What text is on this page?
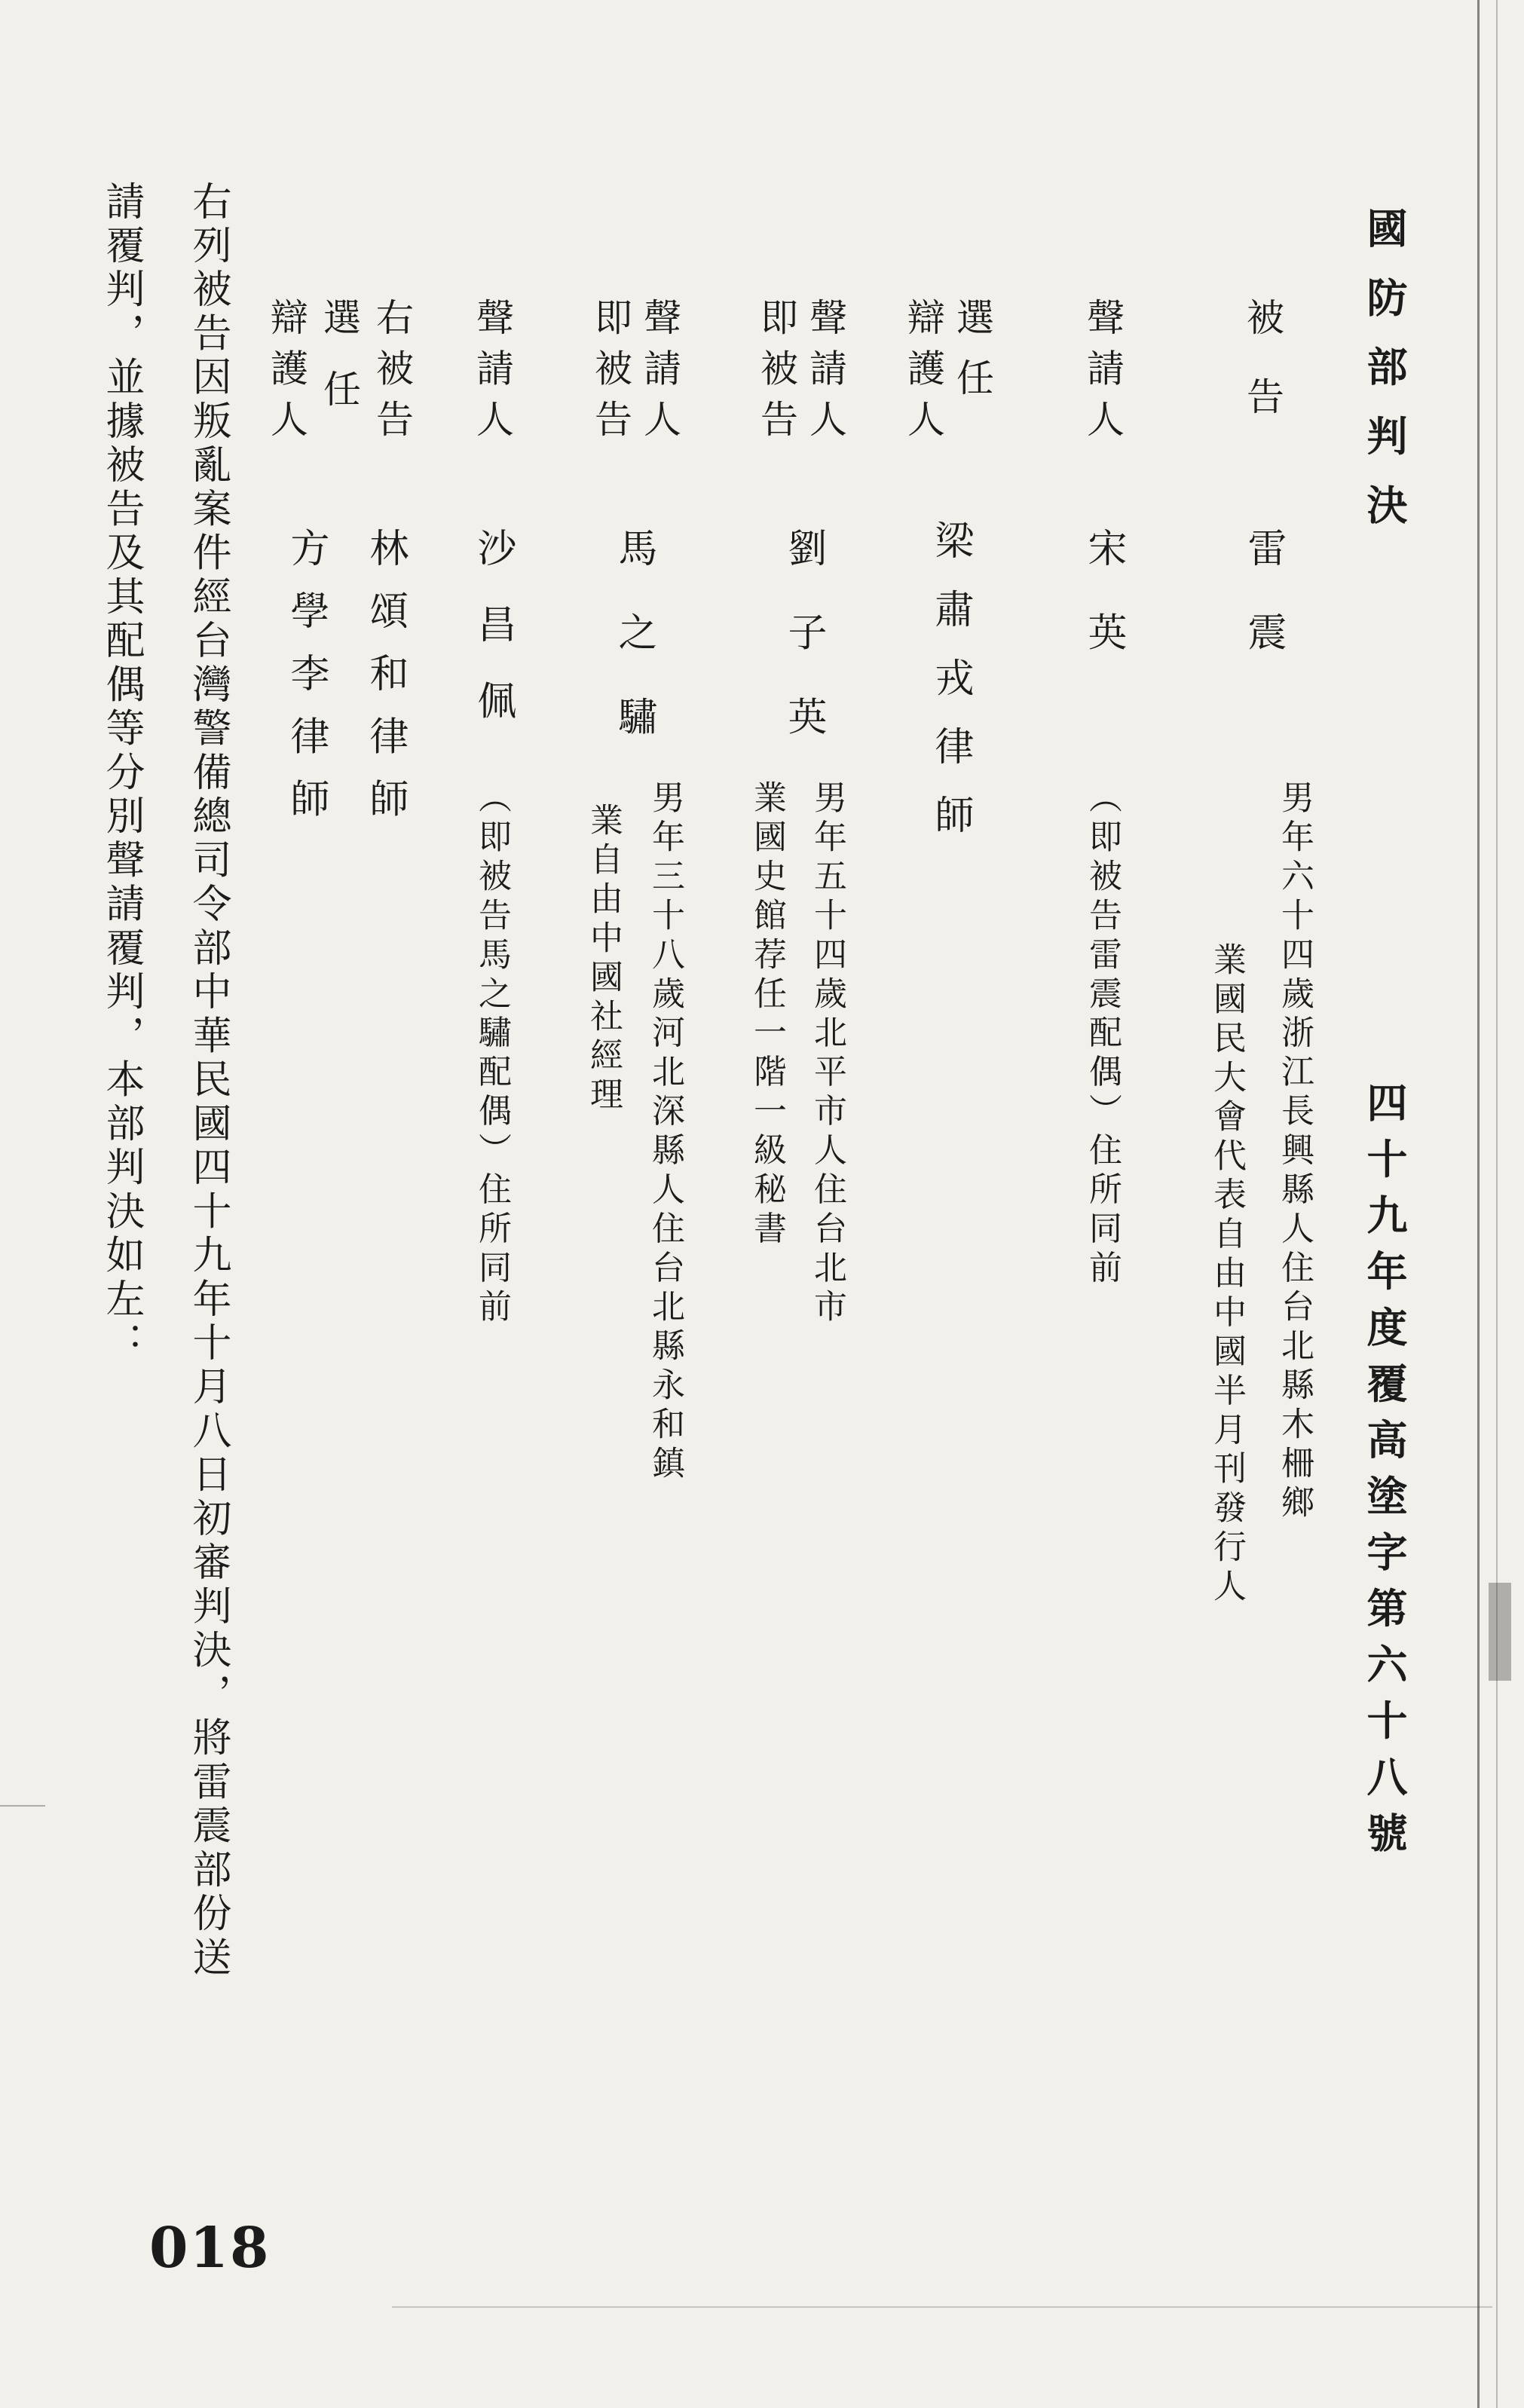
國防部判決
四十九年度覆高塗字第六十八號
被告
雷震
男年六十四歲浙江長興縣人住台北縣木柵鄉
業國民大會代表自由中國半月刊發行人
聲請人
宋英
（即被告雷震配偶）住所同前
選任
辯護人
梁肅戎律師
聲請人
即被告
劉子英
男年五十四歲北平市人住台北市
業國史館荐任一階一級秘書
聲請人
即被告
馬之驌
男年三十八歲河北深縣人住台北縣永和鎮
業自由中國社經理
聲請人
沙昌佩
（即被告馬之驌配偶）住所同前
右被告
選任
辯護人
林頌和律師
方學李律師
右列被告因叛亂案件經台灣警備總司令部中華民國四十九年十月八日初審判決，將雷震部份送
請覆判，並據被告及其配偶等分別聲請覆判，本部判決如左：
018
